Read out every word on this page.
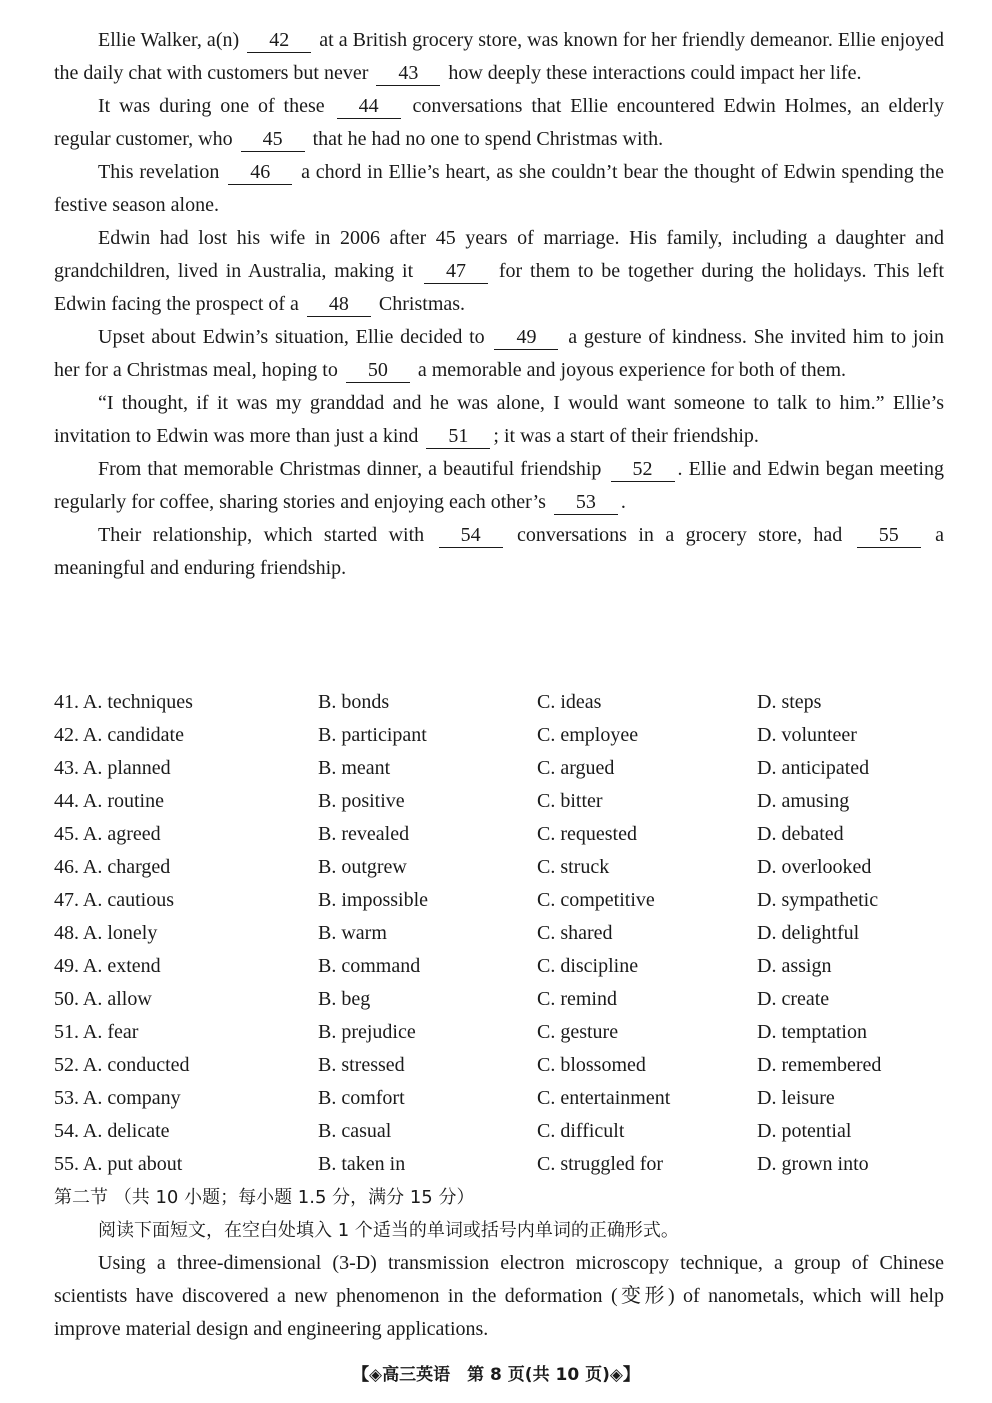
Ellie Walker, a(n) 42 at a British grocery store, was known for her friendly demeanor. Ellie enjoyed the daily chat with customers but never 43 how deeply these interactions could impact her life.

It was during one of these 44 conversations that Ellie encountered Edwin Holmes, an elderly regular customer, who 45 that he had no one to spend Christmas with.

This revelation 46 a chord in Ellie’s heart, as she couldn’t bear the thought of Edwin spending the festive season alone.

Edwin had lost his wife in 2006 after 45 years of marriage. His family, including a daughter and grandchildren, lived in Australia, making it 47 for them to be together during the holidays. This left Edwin facing the prospect of a 48 Christmas.

Upset about Edwin’s situation, Ellie decided to 49 a gesture of kindness. She invited him to join her for a Christmas meal, hoping to 50 a memorable and joyous experience for both of them.

“I thought, if it was my granddad and he was alone, I would want someone to talk to him.” Ellie’s invitation to Edwin was more than just a kind 51 ; it was a start of their friendship.

From that memorable Christmas dinner, a beautiful friendship 52 . Ellie and Edwin began meeting regularly for coffee, sharing stories and enjoying each other’s 53 .

Their relationship, which started with 54 conversations in a grocery store, had 55 a meaningful and enduring friendship.

41. A. techniques	B. bonds	C. ideas	D. steps
42. A. candidate	B. participant	C. employee	D. volunteer
43. A. planned	B. meant	C. argued	D. anticipated
44. A. routine	B. positive	C. bitter	D. amusing
45. A. agreed	B. revealed	C. requested	D. debated
46. A. charged	B. outgrew	C. struck	D. overlooked
47. A. cautious	B. impossible	C. competitive	D. sympathetic
48. A. lonely	B. warm	C. shared	D. delightful
49. A. extend	B. command	C. discipline	D. assign
50. A. allow	B. beg	C. remind	D. create
51. A. fear	B. prejudice	C. gesture	D. temptation
52. A. conducted	B. stressed	C. blossomed	D. remembered
53. A. company	B. comfort	C. entertainment	D. leisure
54. A. delicate	B. casual	C. difficult	D. potential
55. A. put about	B. taken in	C. struggled for	D. grown into

第二节 （共 10 小题；每小题 1.5 分，满分 15 分）

阅读下面短文，在空白处填入 1 个适当的单词或括号内单词的正确形式。

Using a three-dimensional (3-D) transmission electron microscopy technique, a group of Chinese scientists have discovered a new phenomenon in the deformation (变形) of nanometals, which will help improve material design and engineering applications.

【◈高三英语　第 8 页(共 10 页)◈】
